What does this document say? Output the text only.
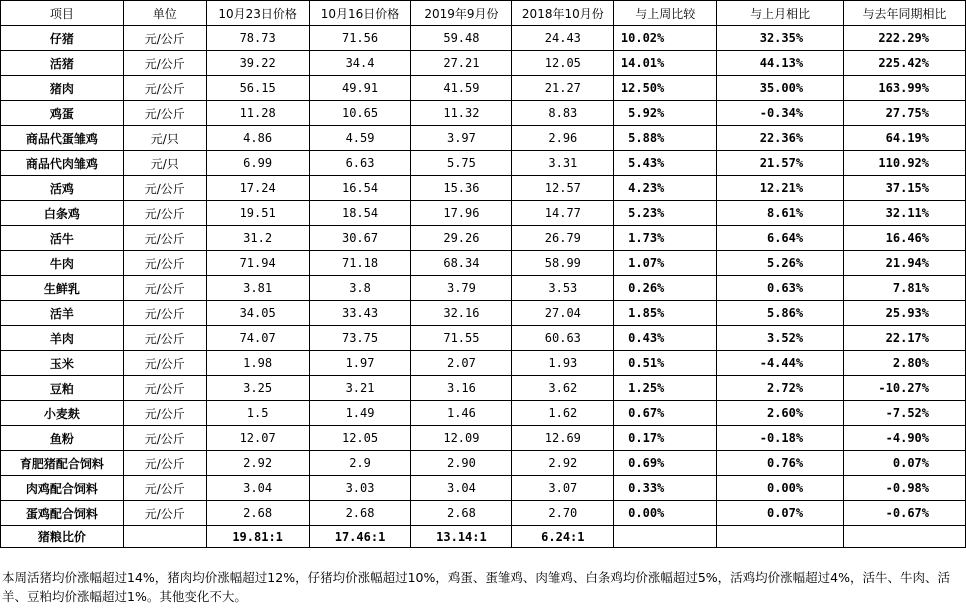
项目	单位	10月23日价格	10月16日价格	2019年9月份	2018年10月份	与上周比较	与上月相比	与去年同期相比
仔猪	元/公斤	78.73	71.56	59.48	24.43	10.02%	32.35%	222.29%
活猪	元/公斤	39.22	34.4	27.21	12.05	14.01%	44.13%	225.42%
猪肉	元/公斤	56.15	49.91	41.59	21.27	12.50%	35.00%	163.99%
鸡蛋	元/公斤	11.28	10.65	11.32	8.83	5.92%	-0.34%	27.75%
商品代蛋雏鸡	元/只	4.86	4.59	3.97	2.96	5.88%	22.36%	64.19%
商品代肉雏鸡	元/只	6.99	6.63	5.75	3.31	5.43%	21.57%	110.92%
活鸡	元/公斤	17.24	16.54	15.36	12.57	4.23%	12.21%	37.15%
白条鸡	元/公斤	19.51	18.54	17.96	14.77	5.23%	8.61%	32.11%
活牛	元/公斤	31.2	30.67	29.26	26.79	1.73%	6.64%	16.46%
牛肉	元/公斤	71.94	71.18	68.34	58.99	1.07%	5.26%	21.94%
生鲜乳	元/公斤	3.81	3.8	3.79	3.53	0.26%	0.63%	7.81%
活羊	元/公斤	34.05	33.43	32.16	27.04	1.85%	5.86%	25.93%
羊肉	元/公斤	74.07	73.75	71.55	60.63	0.43%	3.52%	22.17%
玉米	元/公斤	1.98	1.97	2.07	1.93	0.51%	-4.44%	2.80%
豆粕	元/公斤	3.25	3.21	3.16	3.62	1.25%	2.72%	-10.27%
小麦麸	元/公斤	1.5	1.49	1.46	1.62	0.67%	2.60%	-7.52%
鱼粉	元/公斤	12.07	12.05	12.09	12.69	0.17%	-0.18%	-4.90%
育肥猪配合饲料	元/公斤	2.92	2.9	2.90	2.92	0.69%	0.76%	0.07%
肉鸡配合饲料	元/公斤	3.04	3.03	3.04	3.07	0.33%	0.00%	-0.98%
蛋鸡配合饲料	元/公斤	2.68	2.68	2.68	2.70	0.00%	0.07%	-0.67%
猪粮比价		19.81:1	17.46:1	13.14:1	6.24:1			
本周活猪均价涨幅超过14%，猪肉均价涨幅超过12%，仔猪均价涨幅超过10%，鸡蛋、蛋雏鸡、肉雏鸡、白条鸡均价涨幅超过5%，活鸡均价涨幅超过4%，活牛、牛肉、活羊、豆粕均价涨幅超过1%。其他变化不大。
